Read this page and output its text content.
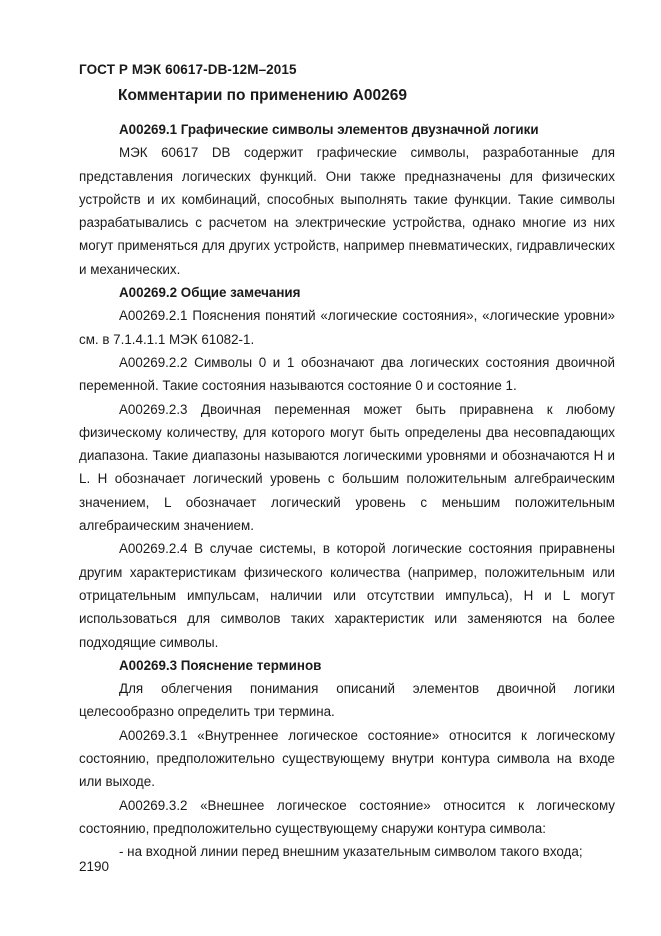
ГОСТ Р МЭК 60617-DB-12M–2015
Комментарии по применению А00269
А00269.1 Графические символы элементов двузначной логики

МЭК 60617 DB содержит графические символы, разработанные для представления логических функций. Они также предназначены для физических устройств и их комбинаций, способных выполнять такие функции. Такие символы разрабатывались с расчетом на электрические устройства, однако многие из них могут применяться для других устройств, например пневматических, гидравлических и механических.

А00269.2 Общие замечания

А00269.2.1 Пояснения понятий «логические состояния», «логические уровни» см. в 7.1.4.1.1 МЭК 61082-1.

А00269.2.2 Символы 0 и 1 обозначают два логических состояния двоичной переменной. Такие состояния называются состояние 0 и состояние 1.

А00269.2.3 Двоичная переменная может быть приравнена к любому физическому количеству, для которого могут быть определены два несовпадающих диапазона. Такие диапазоны называются логическими уровнями и обозначаются H и L. H обозначает логический уровень с большим положительным алгебраическим значением, L обозначает логический уровень с меньшим положительным алгебраическим значением.

А00269.2.4 В случае системы, в которой логические состояния приравнены другим характеристикам физического количества (например, положительным или отрицательным импульсам, наличии или отсутствии импульса), H и L могут использоваться для символов таких характеристик или заменяются на более подходящие символы.

А00269.3 Пояснение терминов

Для облегчения понимания описаний элементов двоичной логики целесообразно определить три термина.

А00269.3.1 «Внутреннее логическое состояние» относится к логическому состоянию, предположительно существующему внутри контура символа на входе или выходе.

А00269.3.2 «Внешнее логическое состояние» относится к логическому состоянию, предположительно существующему снаружи контура символа:

- на входной линии перед внешним указательным символом такого входа;

2190
